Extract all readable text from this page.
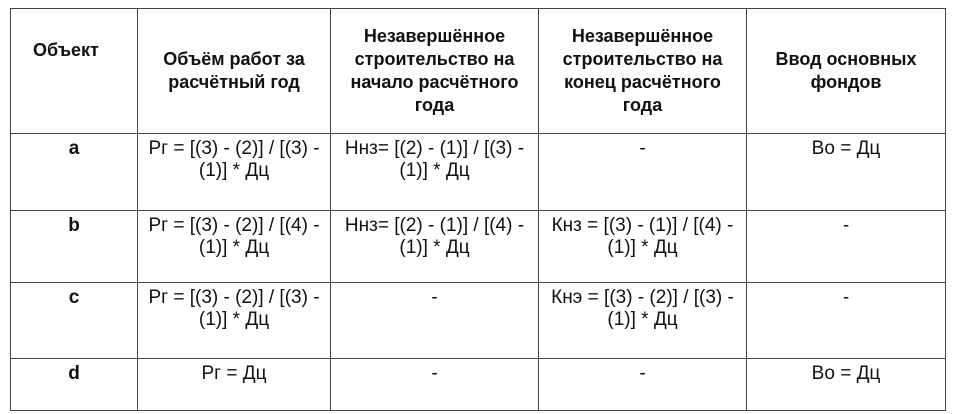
Объект	Объём работ за расчётный год	Незавершённое строительство на начало расчётного года	Незавершённое строительство на конец расчётного года	Ввод основных фондов
a	Рг = [(3) - (2)] / [(3) - (1)] * Дц	Ннз= [(2) - (1)] / [(3) - (1)] * Дц	-	Во = Дц
b	Рг = [(3) - (2)] / [(4) - (1)] * Дц	Ннз= [(2) - (1)] / [(4) - (1)] * Дц	Кнз = [(3) - (1)] / [(4) - (1)] * Дц	-
c	Рг = [(3) - (2)] / [(3) - (1)] * Дц	-	Кнэ = [(3) - (2)] / [(3) - (1)] * Дц	-
d	Рг = Дц	-	-	Во = Дц
